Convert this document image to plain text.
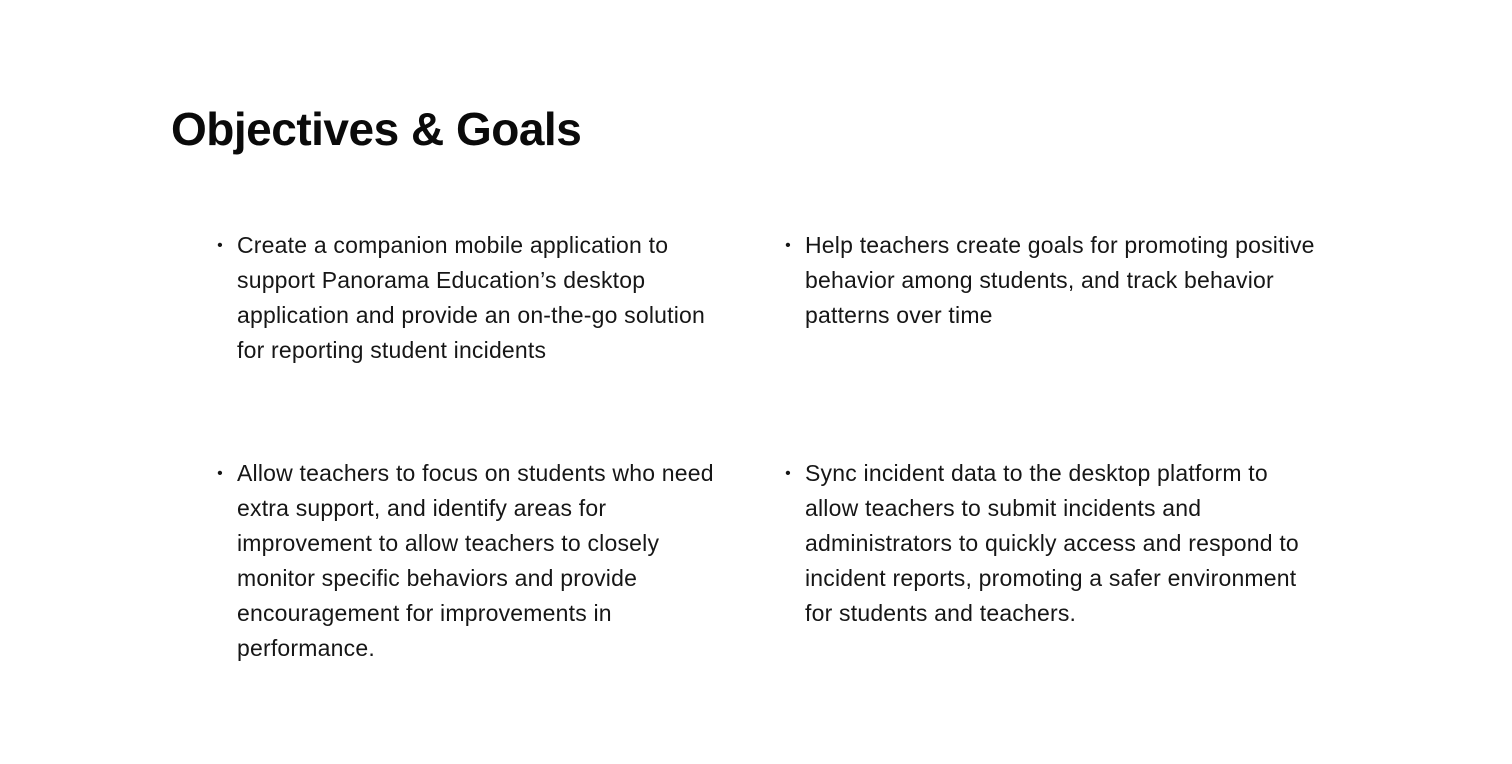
Objectives & Goals
• Create a companion mobile application to support Panorama Education’s desktop application and provide an on-the-go solution for reporting student incidents
• Help teachers create goals for promoting positive behavior among students, and track behavior patterns over time
• Allow teachers to focus on students who need extra support, and identify areas for improvement to allow teachers to closely monitor specific behaviors and provide encouragement for improvements in performance.
• Sync incident data to the desktop platform to allow teachers to submit incidents and administrators to quickly access and respond to incident reports, promoting a safer environment for students and teachers.
